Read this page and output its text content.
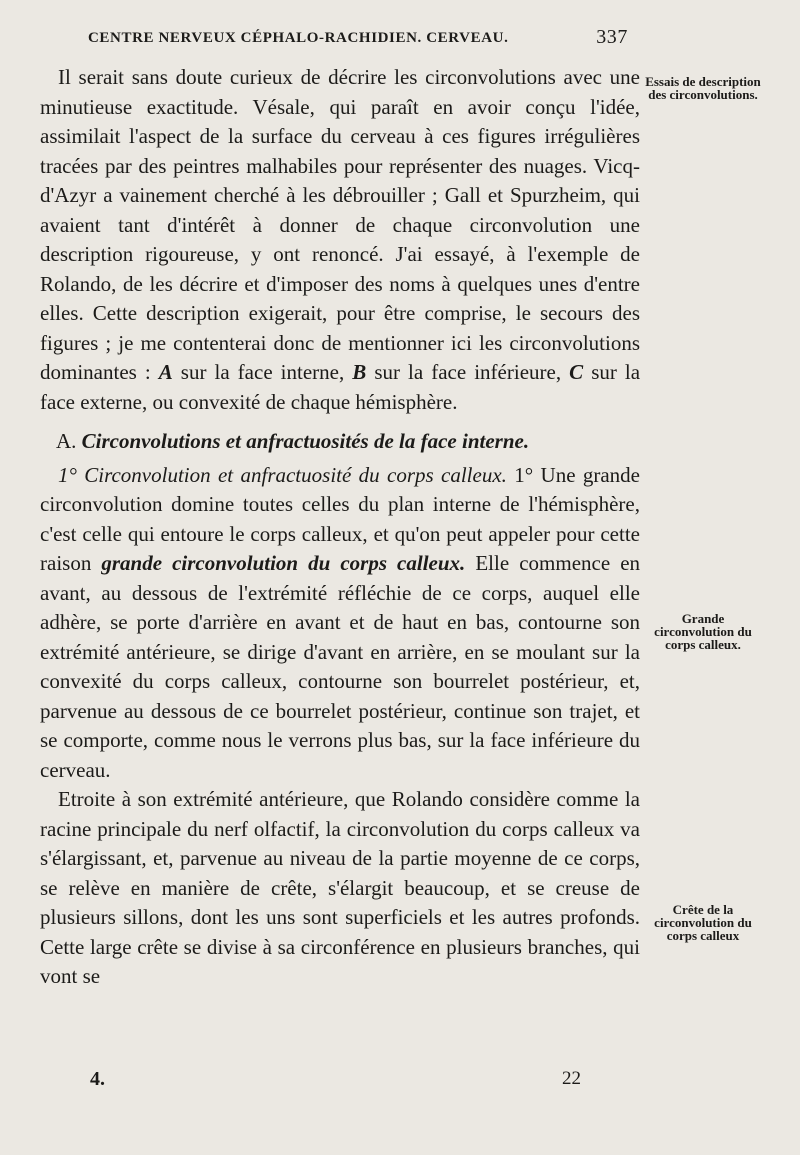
CENTRE NERVEUX CÉPHALO-RACHIDIEN. CERVEAU.	337

Il serait sans doute curieux de décrire les circonvolutions avec une minutieuse exactitude. Vésale, qui paraît en avoir conçu l'idée, assimilait l'aspect de la surface du cerveau à ces figures irrégulières tracées par des peintres malhabiles pour représenter des nuages. Vicq-d'Azyr a vainement cherché à les débrouiller ; Gall et Spurzheim, qui avaient tant d'intérêt à donner de chaque circonvolution une description rigoureuse, y ont renoncé. J'ai essayé, à l'exemple de Rolando, de les décrire et d'imposer des noms à quelques unes d'entre elles. Cette description exigerait, pour être comprise, le secours des figures ; je me contenterai donc de mentionner ici les circonvolutions dominantes : A sur la face interne, B sur la face inférieure, C sur la face externe, ou convexité de chaque hémisphère.

A. Circonvolutions et anfractuosités de la face interne.

1° Circonvolution et anfractuosité du corps calleux. 1° Une grande circonvolution domine toutes celles du plan interne de l'hémisphère, c'est celle qui entoure le corps calleux, et qu'on peut appeler pour cette raison grande circonvolution du corps calleux. Elle commence en avant, au dessous de l'extrémité réfléchie de ce corps, auquel elle adhère, se porte d'arrière en avant et de haut en bas, contourne son extrémité antérieure, se dirige d'avant en arrière, en se moulant sur la convexité du corps calleux, contourne son bourrelet postérieur, et, parvenue au dessous de ce bourrelet postérieur, continue son trajet, et se comporte, comme nous le verrons plus bas, sur la face inférieure du cerveau.

Etroite à son extrémité antérieure, que Rolando considère comme la racine principale du nerf olfactif, la circonvolution du corps calleux va s'élargissant, et, parvenue au niveau de la partie moyenne de ce corps, se relève en manière de crête, s'élargit beaucoup, et se creuse de plusieurs sillons, dont les uns sont superficiels et les autres profonds. Cette large crête se divise à sa circonférence en plusieurs branches, qui vont se

Essais de description des circonvolutions.
Grande circonvolution du corps calleux.
Crête de la circonvolution du corps calleux
4.	22
